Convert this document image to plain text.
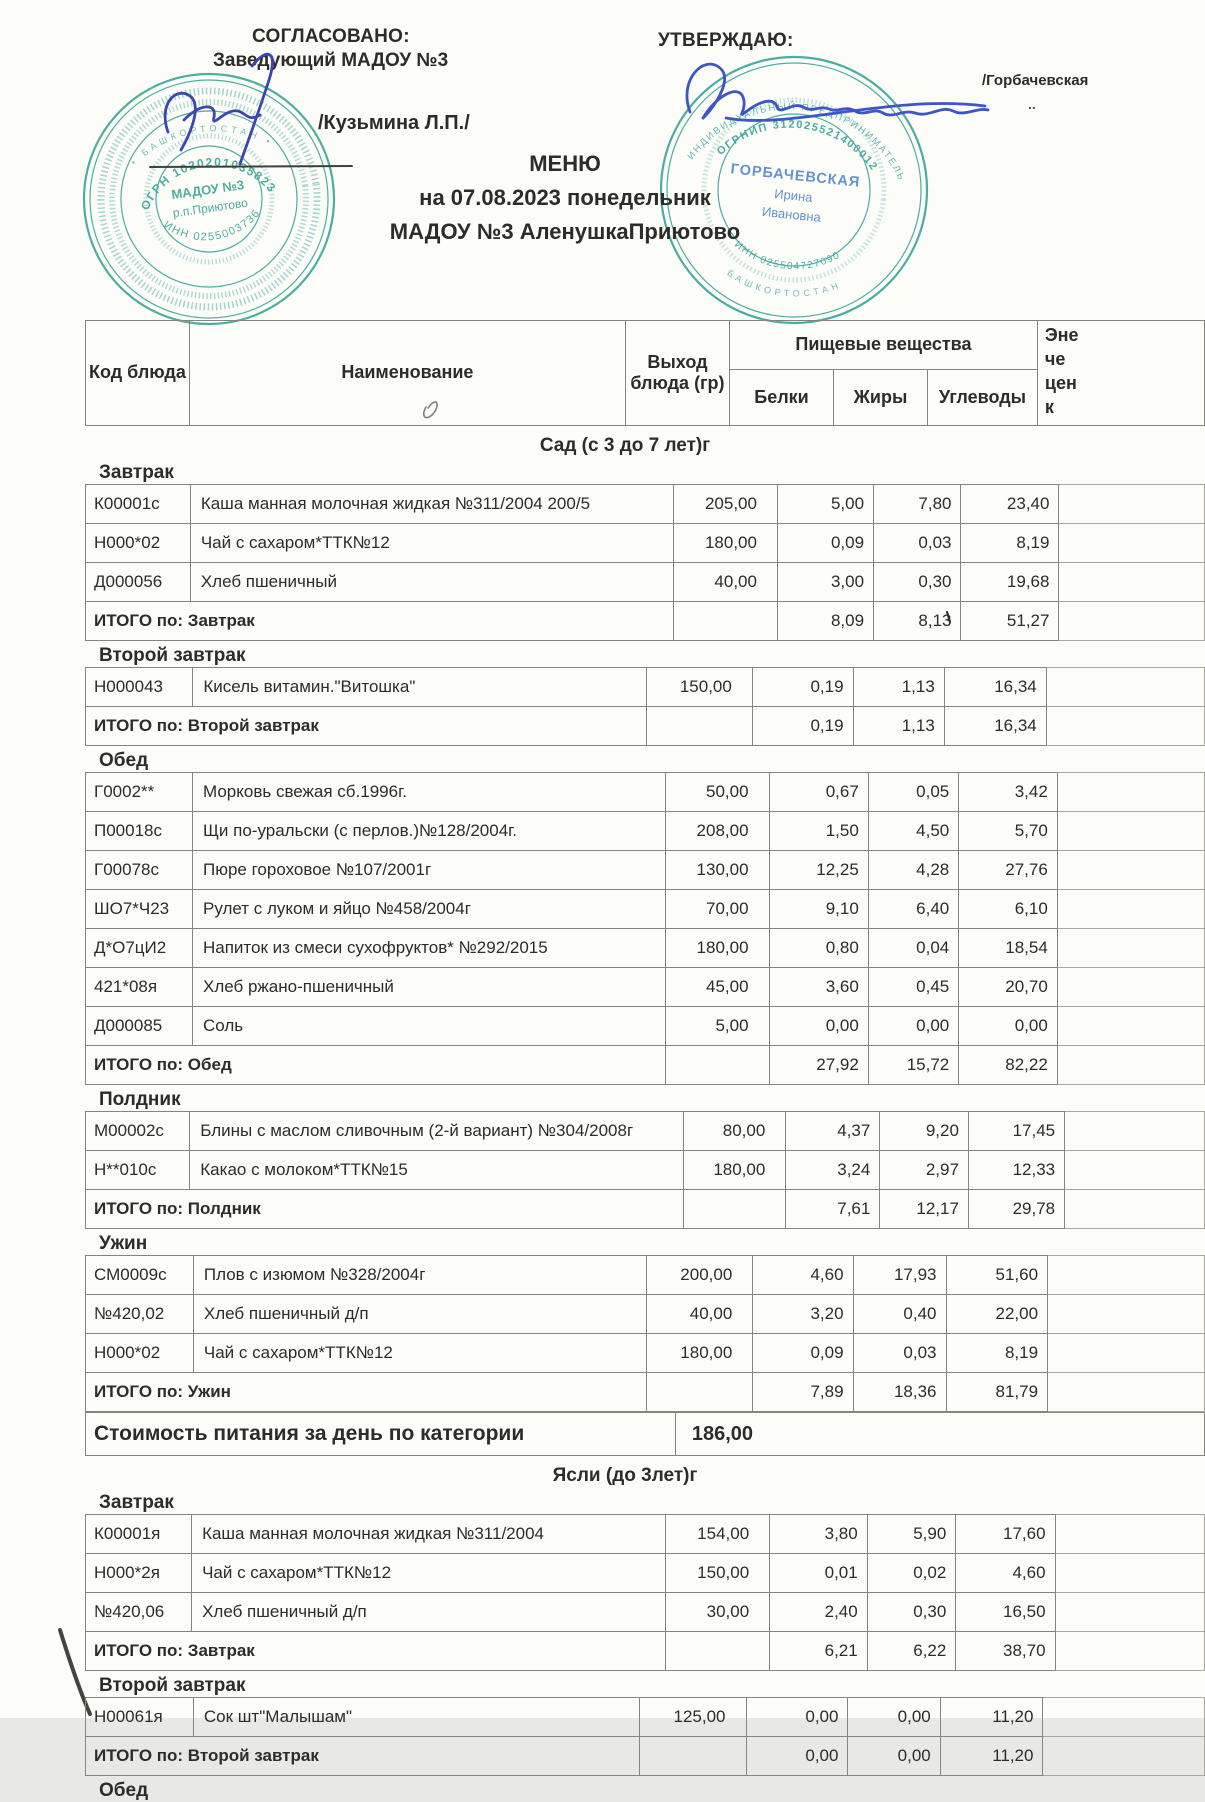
• БАШКОРТОСТАН •
ОГРН 1020201035823
ИНН 0255003736
МАДОУ №3
р.п.Приютово
ИНДИВИДУАЛЬНЫЙ ПРЕДПРИНИМАТЕЛЬ
ОГРНИП 312025521400012
ИНН 025504727090
БАШКОРТОСТАН
ГОРБАЧЕВСКАЯ
Ирина
Ивановна
СОГЛАСОВАНО:
Заведующий МАДОУ №3
/Кузьмина Л.П./
УТВЕРЖДАЮ:
/Горбачевская
..
МЕНЮ
на 07.08.2023 понедельник
МАДОУ №3 АленушкаПриютово
Код блюда	Наименование	Выход блюда (гр)	Пищевые вещества			Эне
че
цен
к

			Белки	Жиры	Углеводы	
Сад (с 3 до 7 лет)г
Завтрак
К00001с	Каша манная молочная жидкая №311/2004 200/5	205,00	5,00	7,80	23,40	
Н000*02	Чай с сахаром*ТТК№12	180,00	0,09	0,03	8,19	
Д000056	Хлеб пшеничный	40,00	3,00	0,30	19,68	
ИТОГО по: Завтрак			8,09	8,13	51,27	
Второй завтрак
Н000043	Кисель витамин."Витошка"	150,00	0,19	1,13	16,34	
ИТОГО по: Второй завтрак			0,19	1,13	16,34	
Обед
Г0002**	Морковь свежая сб.1996г.	50,00	0,67	0,05	3,42	
П00018с	Щи по-уральски (с перлов.)№128/2004г.	208,00	1,50	4,50	5,70	
Г00078с	Пюре гороховое №107/2001г	130,00	12,25	4,28	27,76	
ШО7*Ч23	Рулет с луком и яйцо №458/2004г	70,00	9,10	6,40	6,10	
Д*О7цИ2	Напиток из смеси сухофруктов* №292/2015	180,00	0,80	0,04	18,54	
421*08я	Хлеб ржано-пшеничный	45,00	3,60	0,45	20,70	
Д000085	Соль	5,00	0,00	0,00	0,00	
ИТОГО по: Обед			27,92	15,72	82,22	
Полдник
М00002с	Блины с маслом сливочным (2-й вариант) №304/2008г	80,00	4,37	9,20	17,45	
Н**010с	Какао с молоком*ТТК№15	180,00	3,24	2,97	12,33	
ИТОГО по: Полдник			7,61	12,17	29,78	
Ужин
СМ0009с	Плов с изюмом №328/2004г	200,00	4,60	17,93	51,60	
№420,02	Хлеб пшеничный д/п	40,00	3,20	0,40	22,00	
Н000*02	Чай с сахаром*ТТК№12	180,00	0,09	0,03	8,19	
ИТОГО по: Ужин			7,89	18,36	81,79	
Стоимость питания за день по категории	186,00
Ясли (до 3лет)г
Завтрак
К00001я	Каша манная молочная жидкая №311/2004	154,00	3,80	5,90	17,60	
Н000*2я	Чай с сахаром*ТТК№12	150,00	0,01	0,02	4,60	
№420,06	Хлеб пшеничный д/п	30,00	2,40	0,30	16,50	
ИТОГО по: Завтрак			6,21	6,22	38,70	
Второй завтрак
Н00061я	Сок шт"Малышам"	125,00	0,00	0,00	11,20	
ИТОГО по: Второй завтрак			0,00	0,00	11,20	
Обед
